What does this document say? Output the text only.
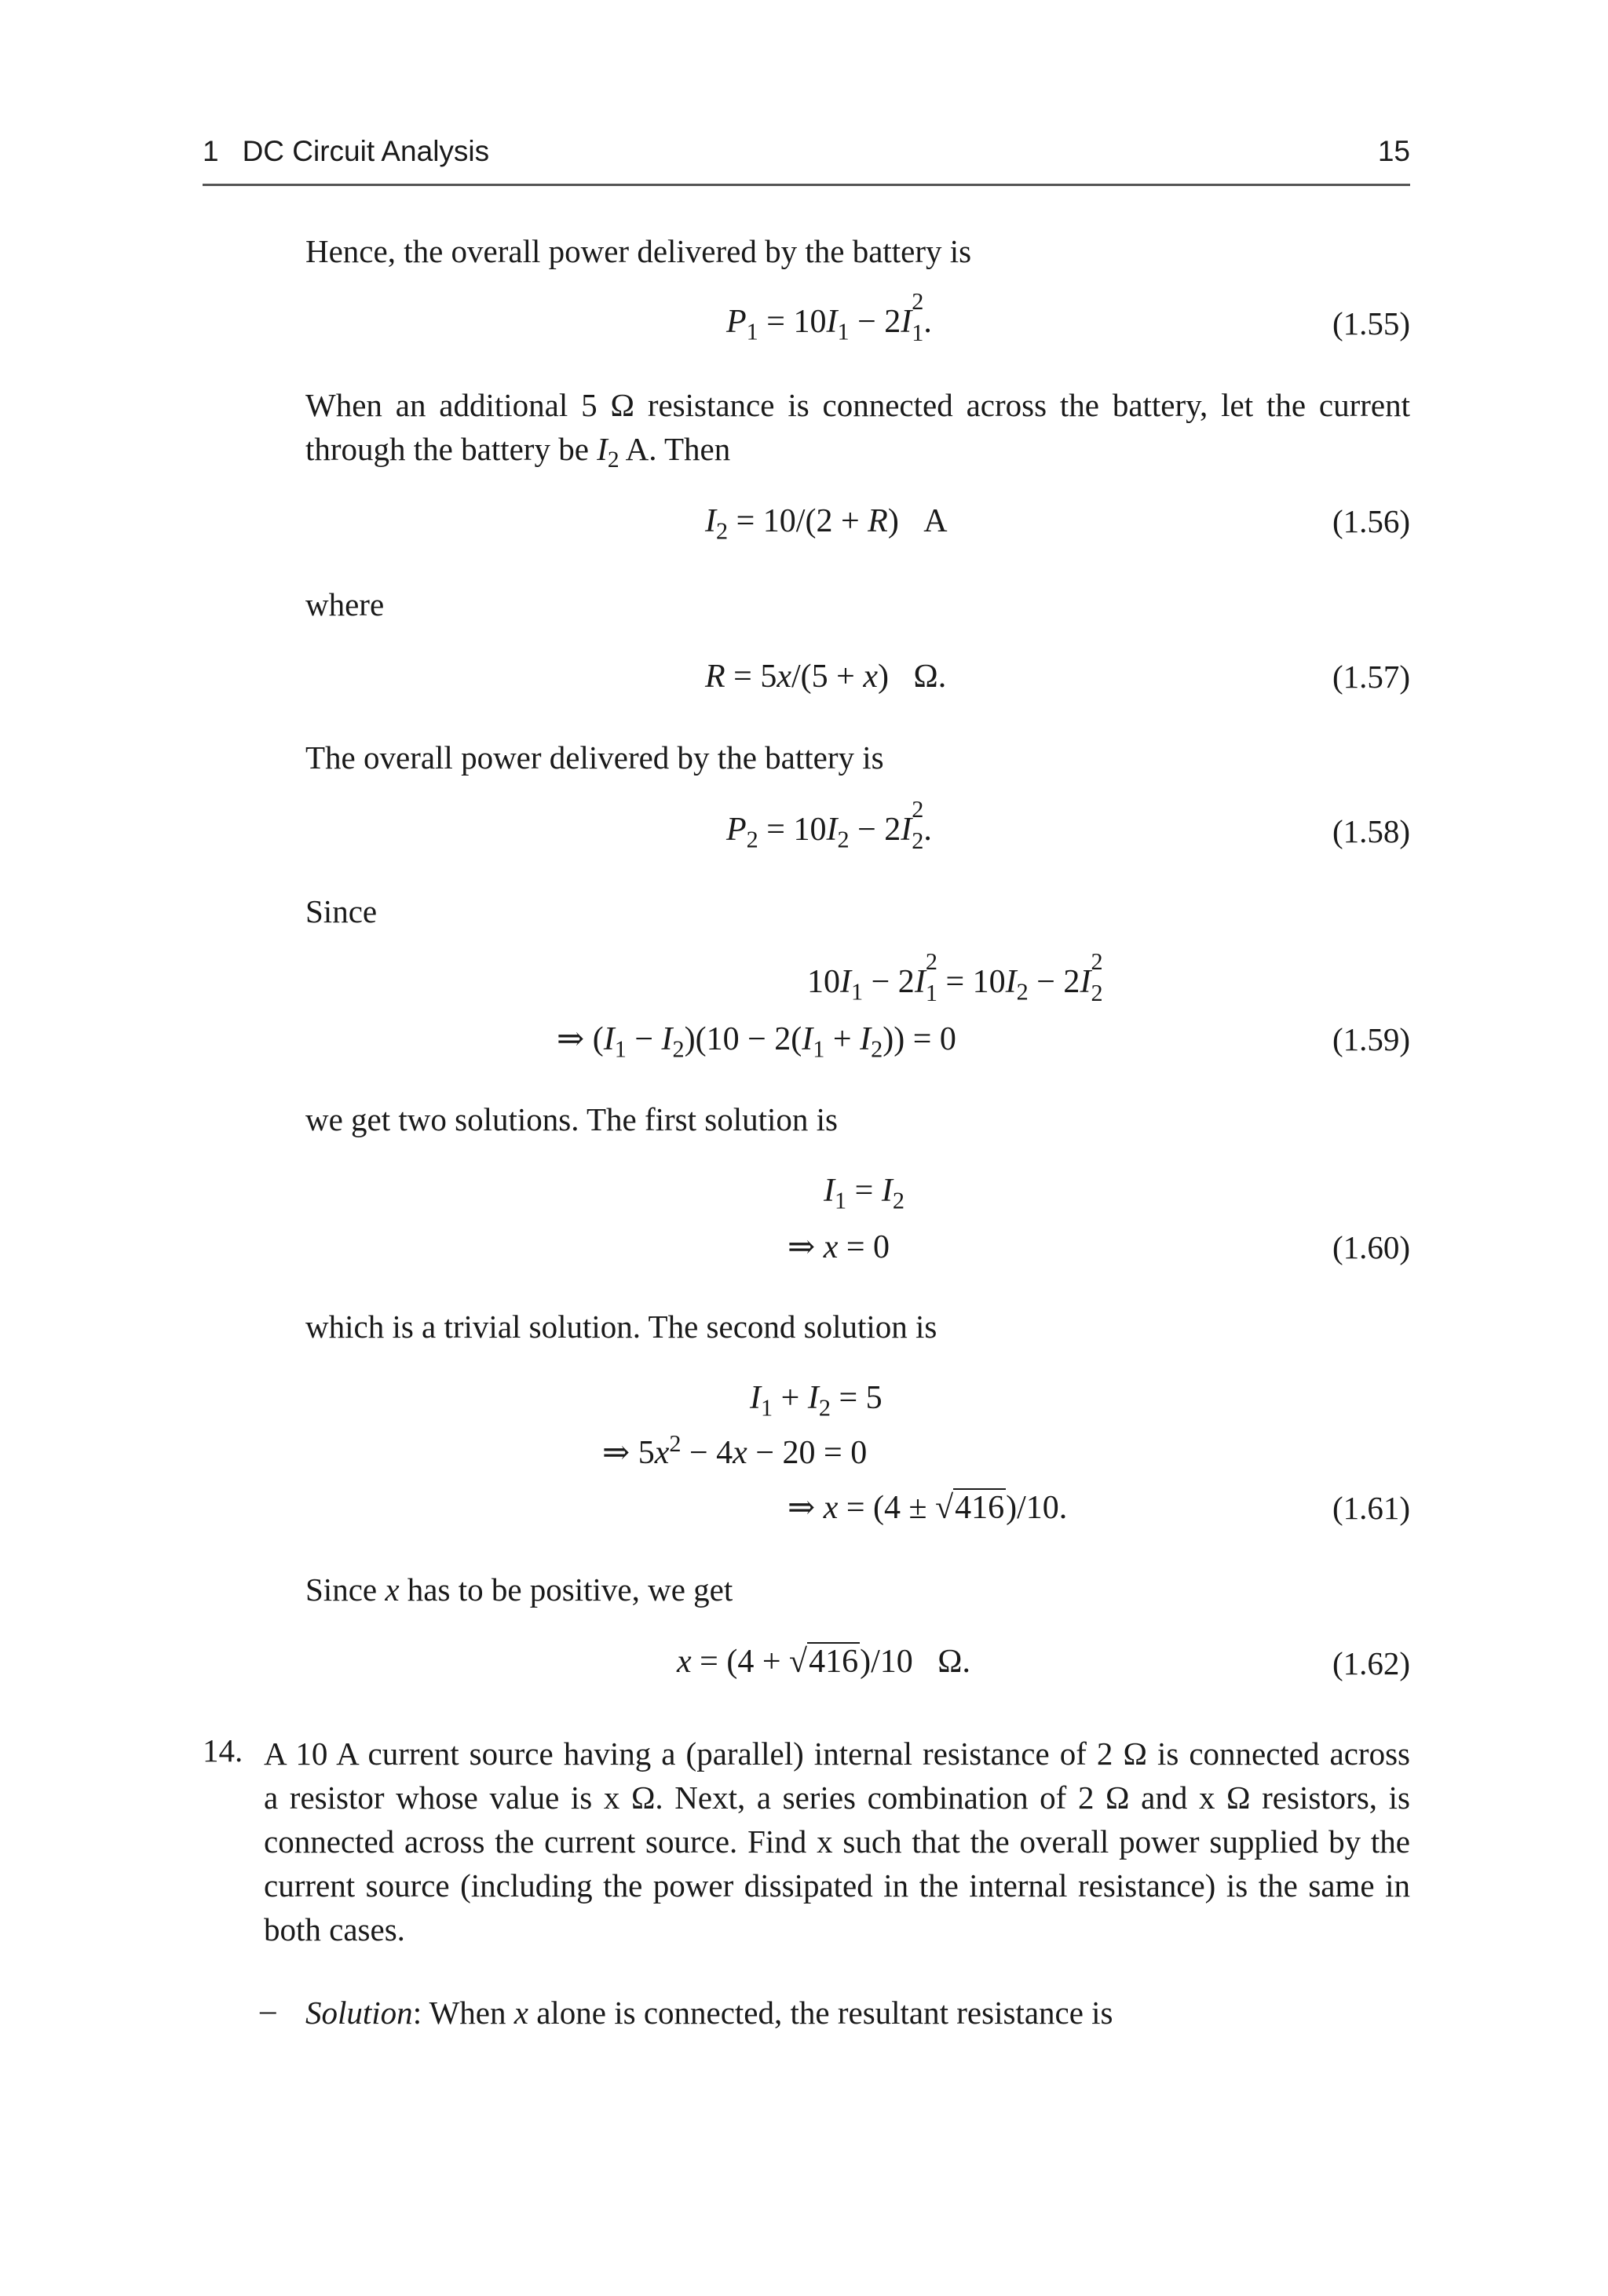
1 DC Circuit Analysis	15
Hence, the overall power delivered by the battery is
$P_1 = 10I_1 - 2I$
2
1.	(1.55)
When an additional 5 Ω resistance is connected across the battery, let the current
through the battery be $I_2$ A. Then
$I_2 = 10/(2 + R)$   A	(1.56)
where
R = 5x/(5 + x)   Ω.	(1.57)
The overall power delivered by the battery is
$P_2 = 10I_2 - 2I$
2
2.	(1.58)
Since
$10I_1 - 2I$
2
$1 = 10I_2 - 2I$
2
2
⇒ $(I_1 - I_2)(10 - 2(I_1 + I_2)) = 0$	(1.59)
we get two solutions. The first solution is
$I_1 = I_2$
⇒ x = 0	(1.60)
which is a trivial solution. The second solution is
$I_1 + I_2 = 5$
⇒ $5x^2 - 4x - 20 = 0$
⇒ x = (4 ± √416)/10.	(1.61)
Since x has to be positive, we get
x = (4 + √416)/10   Ω.	(1.62)
14. A 10 A current source having a (parallel) internal resistance of 2 Ω is connected across
a resistor whose value is x Ω. Next, a series combination of 2 Ω and x Ω resistors, is
connected across the current source. Find x such that the overall power supplied by the
current source (including the power dissipated in the internal resistance) is the same in
both cases.
– Solution: When x alone is connected, the resultant resistance is
